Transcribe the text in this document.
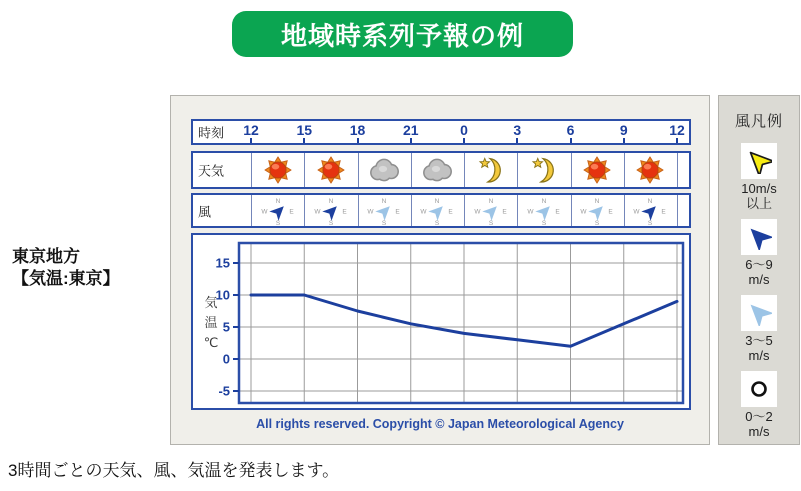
地域時系列予報の例
東京地方
【気温:東京】
時刻 12	15	18	21	0	3	6	9	12
天気
風
N
W	E
S
N
W	E
S
N
W	E
S
N
W	E
S
N
W	E
S
N
W	E
S
N
W	E
S
N
W	E
S
15
10
5
0
-5
気
温
℃
All rights reserved. Copyright © Japan Meteorological Agency
風凡例
10m/s
以上
6〜9
m/s
3〜5
m/s
0〜2
m/s
3時間ごとの天気、風、気温を発表します。
